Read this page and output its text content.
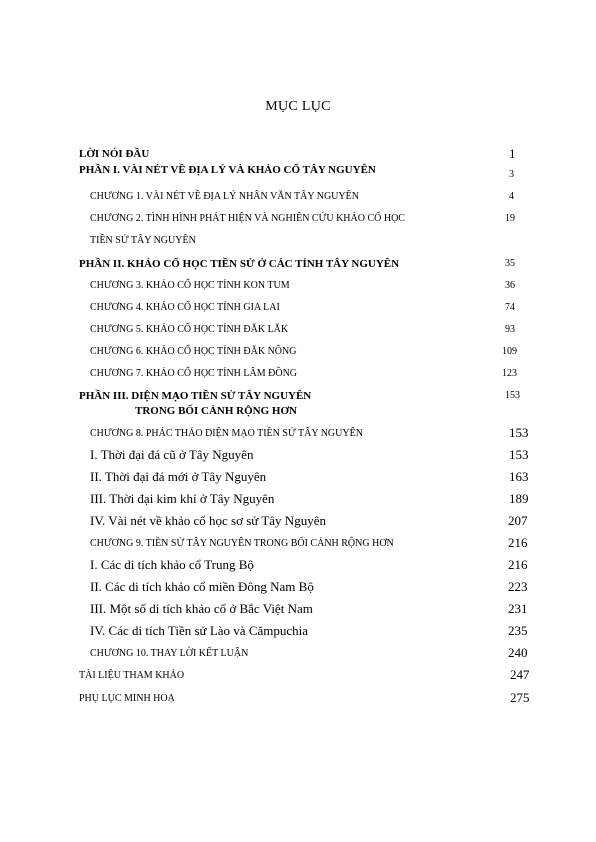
MỤC LỤC
LỜI NÓI ĐẦU	1
PHẦN I. VÀI NÉT VỀ ĐỊA LÝ VÀ KHẢO CỔ TÂY NGUYÊN	3
CHƯƠNG 1. VÀI NÉT VỀ ĐỊA LÝ NHÂN VĂN TÂY NGUYÊN	4
CHƯƠNG 2. TÌNH HÌNH PHÁT HIỆN VÀ NGHIÊN CỨU KHẢO CỔ HỌC	19
TIỀN SỬ TÂY NGUYÊN
PHẦN II. KHẢO CỔ HỌC TIỀN SỬ Ở CÁC TỈNH TÂY NGUYÊN	35
CHƯƠNG 3. KHẢO CỔ HỌC TỈNH KON TUM	36
CHƯƠNG 4. KHẢO CỔ HỌC TỈNH GIA LAI	74
CHƯƠNG 5. KHẢO CỔ HỌC TỈNH ĐĂK LĂK	93
CHƯƠNG 6. KHẢO CỔ HỌC TỈNH ĐĂK NÔNG	109
CHƯƠNG 7. KHẢO CỔ HỌC TỈNH LÂM ĐỒNG	123
PHẦN III. DIỆN MẠO TIỀN SỬ TÂY NGUYÊN	153
TRONG BỐI CẢNH RỘNG HƠN
CHƯƠNG 8. PHÁC THẢO DIỆN MẠO TIỀN SỬ TÂY NGUYÊN	153
I. Thời đại đá cũ ở Tây Nguyên	153
II. Thời đại đá mới ở Tây Nguyên	163
III. Thời đại kim khí ở Tây Nguyên	189
IV. Vài nét về khảo cổ học sơ sử Tây Nguyên	207
CHƯƠNG 9. TIỀN SỬ TÂY NGUYÊN TRONG BỐI CẢNH RỘNG HƠN	216
I. Các di tích khảo cổ Trung Bộ	216
II. Các di tích khảo cổ miền Đông Nam Bộ	223
III. Một số di tích khảo cổ ở Bắc Việt Nam	231
IV. Các di tích Tiền sử Lào và Cămpuchia	235
CHƯƠNG 10. THAY LỜI KẾT LUẬN	240
TÀI LIỆU THAM KHẢO	247
PHỤ LỤC MINH HOẠ	275
